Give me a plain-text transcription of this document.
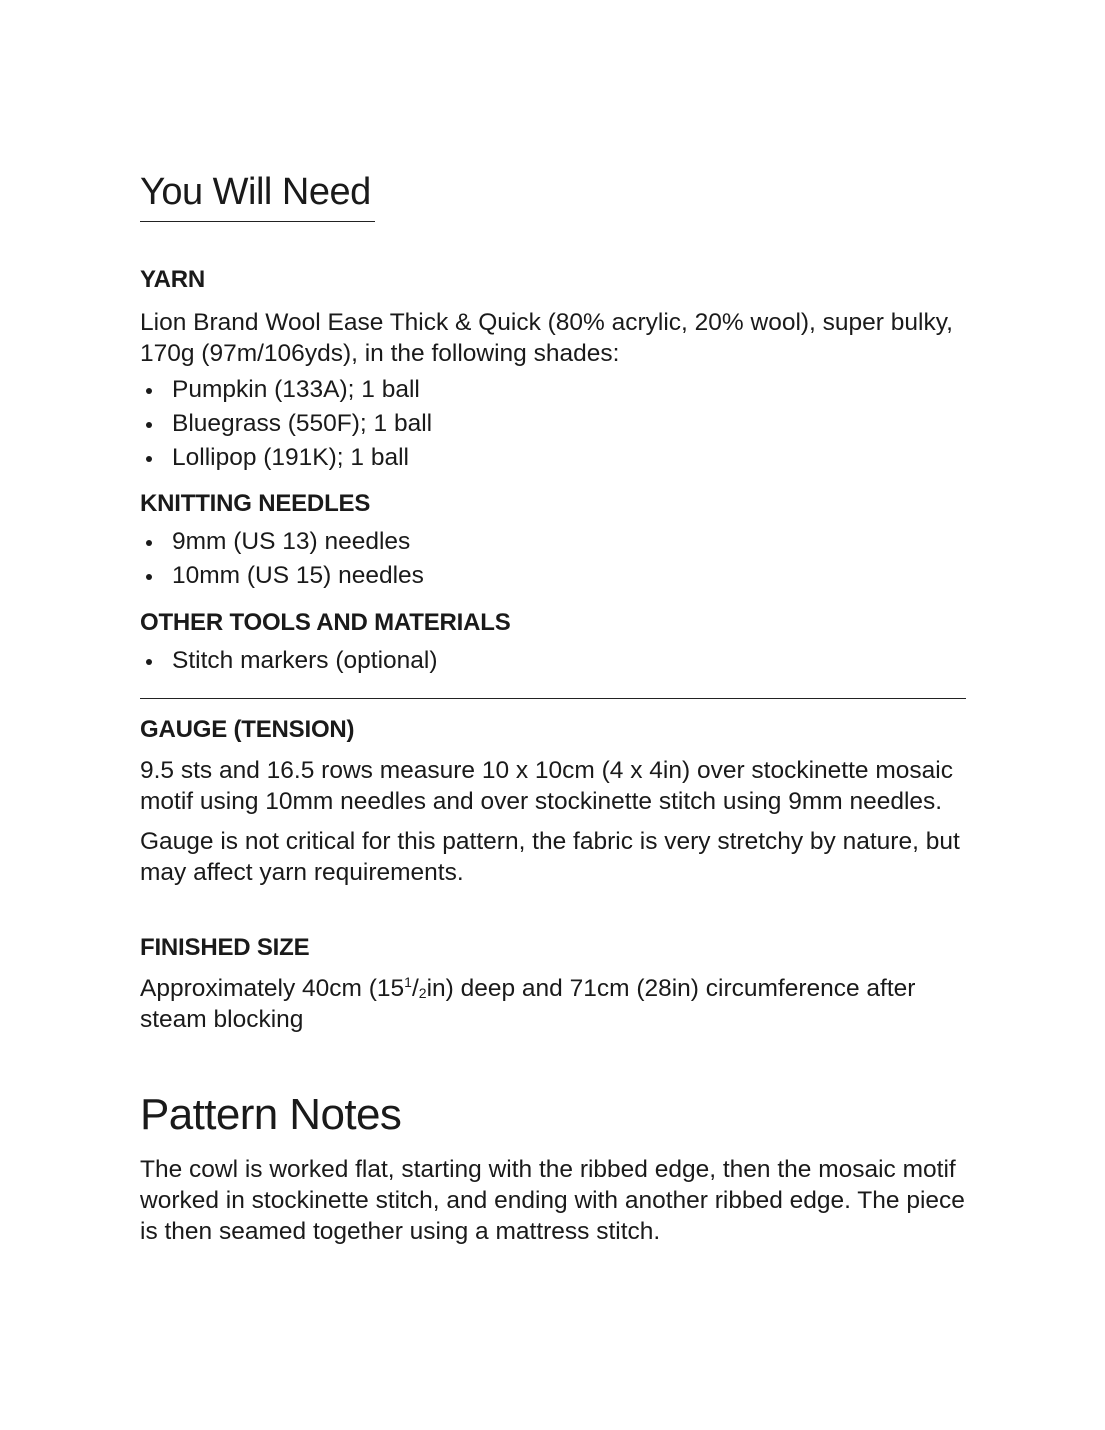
You Will Need
YARN

Lion Brand Wool Ease Thick & Quick (80% acrylic, 20% wool), super bulky, 170g (97m/106yds), in the following shades:

Pumpkin (133A); 1 ball
Bluegrass (550F); 1 ball
Lollipop (191K); 1 ball
KNITTING NEEDLES
9mm (US 13) needles
10mm (US 15) needles
OTHER TOOLS AND MATERIALS
Stitch markers (optional)
GAUGE (TENSION)

9.5 sts and 16.5 rows measure 10 x 10cm (4 x 4in) over stockinette mosaic motif using 10mm needles and over stockinette stitch using 9mm needles.

Gauge is not critical for this pattern, the fabric is very stretchy by nature, but may affect yarn requirements.

FINISHED SIZE

Approximately 40cm $(15^1/_2in)$ deep and 71cm (28in) circumference after steam blocking

Pattern Notes

The cowl is worked flat, starting with the ribbed edge, then the mosaic motif worked in stockinette stitch, and ending with another ribbed edge. The piece is then seamed together using a mattress stitch.
